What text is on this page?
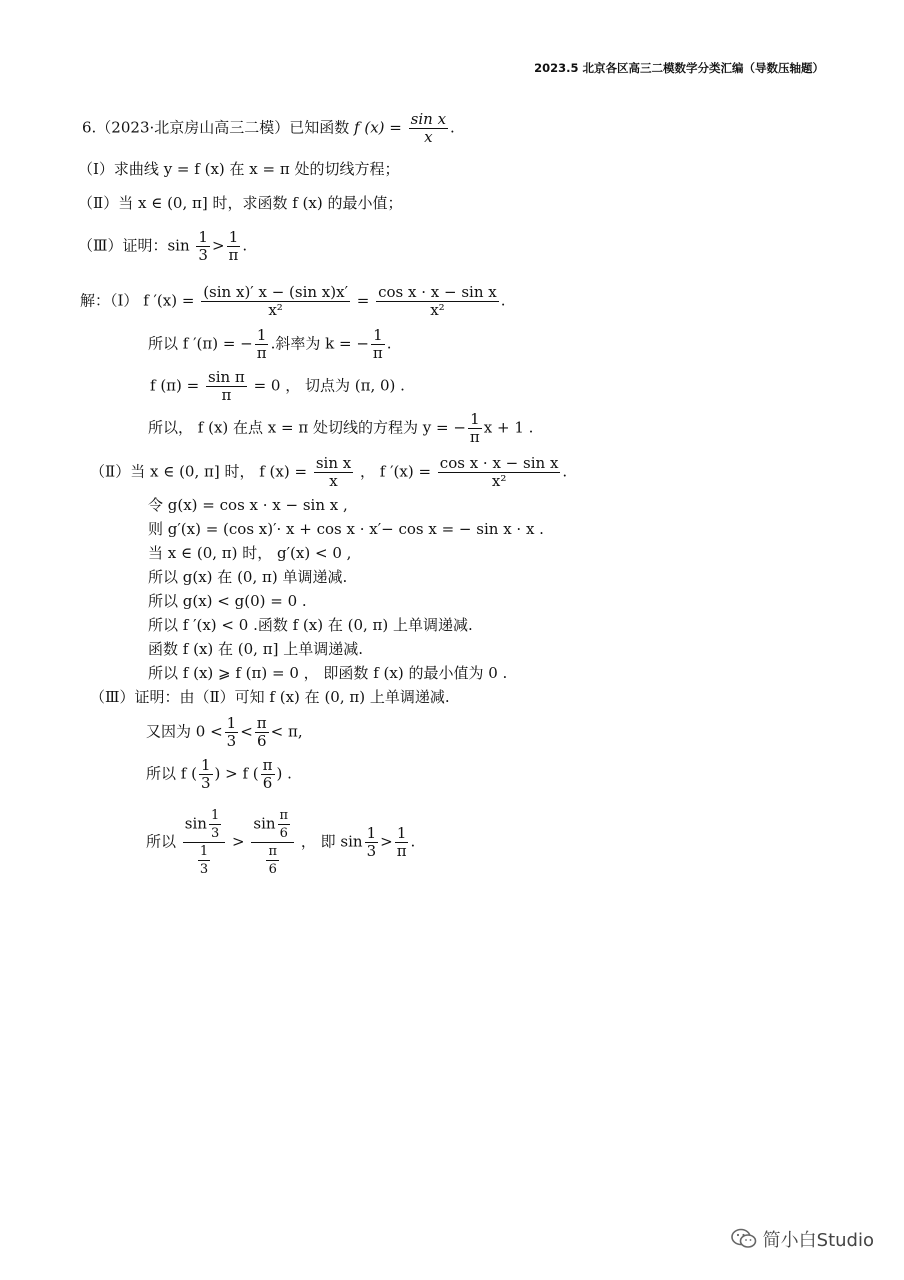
2023.5 北京各区高三二模数学分类汇编（导数压轴题）
6.（2023·北京房山高三二模）已知函数 f $(x) = \frac{\text{sin x}}{x}$ .
（Ⅰ）求曲线 y = f (x) 在 x = π 处的切线方程；
（Ⅱ）当 x ∈ (0, π] 时，求函数 f (x) 的最小值；
（Ⅲ）证明：$\sin \frac{1}{3} > \frac{1}{\pi}$ .
解：（Ⅰ） f $'(x) = \frac{\text{(sin x)′ x − (sin x)x′}}{\text{x²}} = \frac{\text{cos x · x − sin x}}{\text{x²}}$ .
所以 f ′(π) = − $\frac{1}{\pi}$ .斜率为 k = − $\frac{1}{\pi}$ .
f $(\pi) = \frac{\text{sin π}}{\pi} = 0$ ， 切点为 (π, 0) .
所以， f (x) 在点 x = π 处切线的方程为 y = − $\frac{1}{\pi}$ x + 1 .
（Ⅱ）当 x ∈ (0, π] 时， f $(x) = \frac{\text{sin x}}{x}$ ， f $'(x) = \frac{\text{cos x · x − sin x}}{\text{x²}}$ .
令 g(x) = cos x · x − sin x ,
则 g′(x) = (cos x)′· x + cos x · x′− cos x = − sin x · x .
当 x ∈ (0, π) 时， g′(x) < 0 ,
所以 g(x) 在 (0, π) 单调递减.
所以 g(x) < g(0) = 0 .
所以 f ′(x) < 0 .函数 f (x) 在 (0, π) 上单调递减.
函数 f (x) 在 (0, π] 上单调递减.
所以 f (x) ⩾ f (π) = 0 ， 即函数 f (x) 的最小值为 0 .
（Ⅲ）证明：由（Ⅱ）可知 f (x) 在 (0, π) 上单调递减.
又因为 $0 < \frac{1}{3} < \frac{\pi}{6} < \pi$,
所以 f ( $\frac{1}{3}$ ) > f ( $\frac{\pi}{6}$ ) .
所以 $\frac{\sin \frac{1}{3}}{\frac{1}{3}} > \frac{\sin \frac{\pi}{6}}{\frac{\pi}{6}}$ ， 即 $\sin \frac{1}{3} > \frac{1}{\pi}$ .
简小白Studio
